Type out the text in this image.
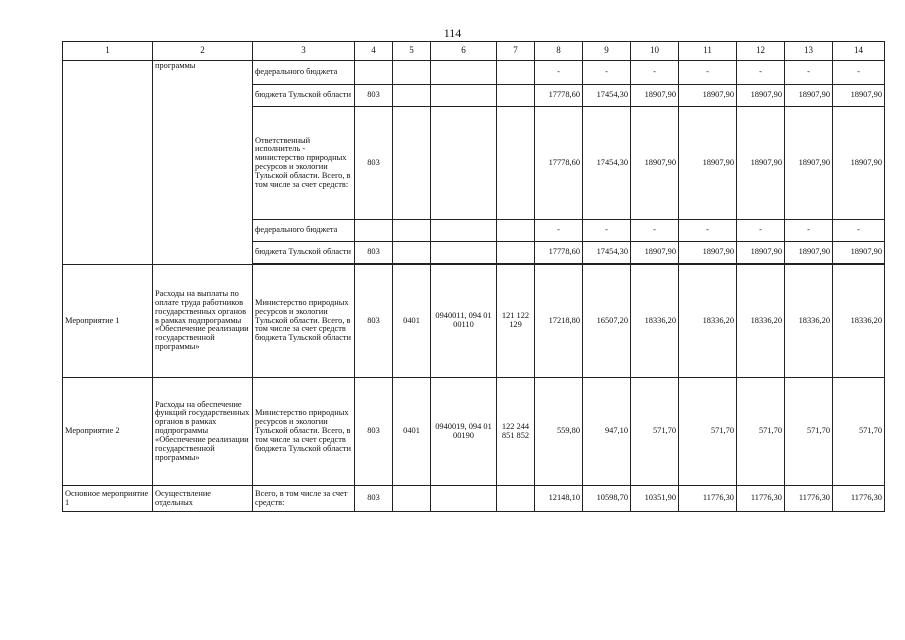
114
1	2	3	4	5	6	7	8	9	10	11	12	13	14
	программы	федерального бюджета					-	-	-	-	-	-	-
		бюджета Тульской области	803				17778,60	17454,30	18907,90	18907,90	18907,90	18907,90	18907,90
		Ответственный исполнитель - министерство природных ресурсов и экологии Тульской области. Всего, в том числе за счет средств:	803				17778,60	17454,30	18907,90	18907,90	18907,90	18907,90	18907,90
		федерального бюджета					-	-	-	-	-	-	-
		бюджета Тульской области	803				17778,60	17454,30	18907,90	18907,90	18907,90	18907,90	18907,90

Мероприятие 1	Расходы на выплаты по оплате труда работников государственных органов в рамках подпрограммы «Обеспечение реализации государственной программы»	Министерство природных ресурсов и экологии Тульской области. Всего, в том числе за счет средств бюджета Тульской области	803	0401	0940011, 094 01 00110	121 122 129	17218,80	16507,20	18336,20	18336,20	18336,20	18336,20	18336,20
Мероприятие 2	Расходы на обеспечение функций государственных органов в рамках подпрограммы «Обеспечение реализации государственной программы»	Министерство природных ресурсов и экологии Тульской области. Всего, в том числе за счет средств бюджета Тульской области	803	0401	0940019, 094 01 00190	122 244 851 852	559,80	947,10	571,70	571,70	571,70	571,70	571,70
Основное мероприятие 1	Осуществление отдельных	Всего, в том числе за счет средств:	803				12148,10	10598,70	10351,90	11776,30	11776,30	11776,30	11776,30
